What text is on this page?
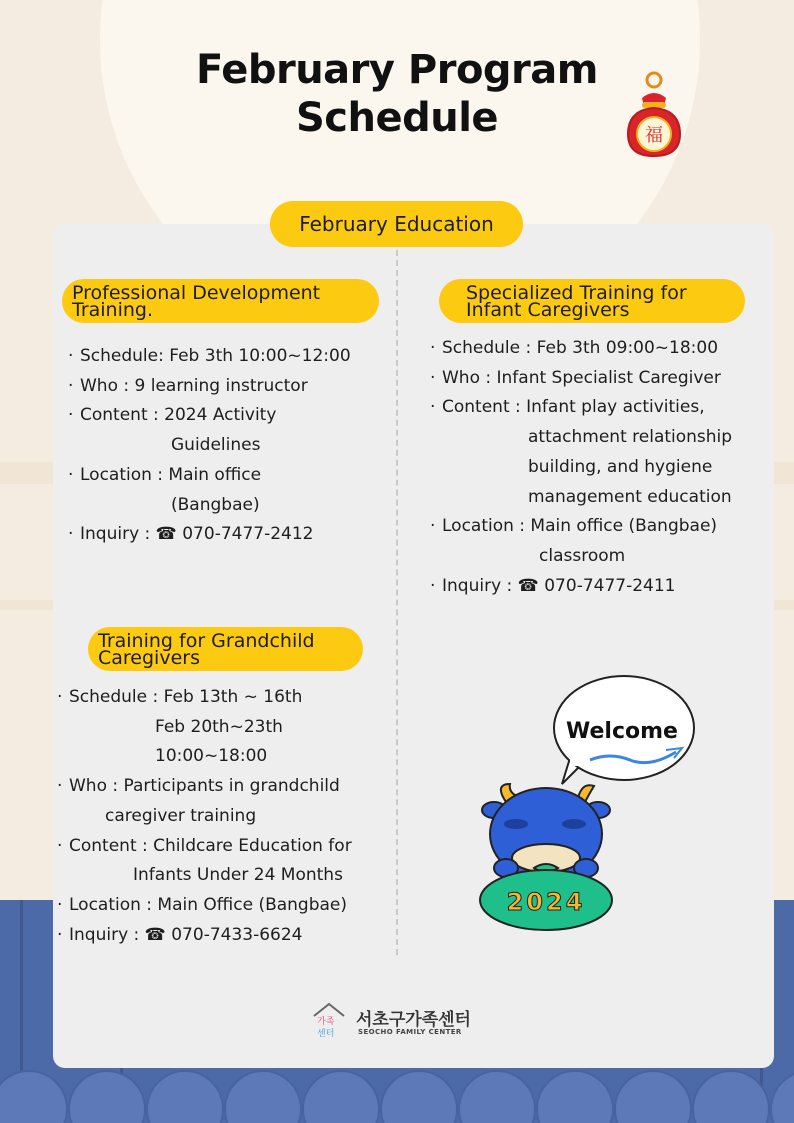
February Program
Schedule	福
February Education
Professional Development
Training.
· Schedule: Feb 3th 10:00~12:00
· Who : 9 learning instructor
· Content : 2024 Activity
Guidelines
· Location : Main office
(Bangbae)
· Inquiry : ☎ 070-7477-2412
Specialized Training for
Infant Caregivers
· Schedule : Feb 3th 09:00~18:00
· Who : Infant Specialist Caregiver
· Content : Infant play activities,
attachment relationship
building, and hygiene
management education
· Location : Main office (Bangbae)
classroom
· Inquiry : ☎ 070-7477-2411
Training for Grandchild
Caregivers
· Schedule : Feb 13th ~ 16th
Feb 20th~23th
10:00~18:00
· Who : Participants in grandchild
caregiver training
· Content : Childcare Education for
Infants Under 24 Months
· Location : Main Office (Bangbae)
· Inquiry : ☎ 070-7433-6624
Welcome
2024
가족
센터
서초구가족센터
SEOCHO FAMILY CENTER
